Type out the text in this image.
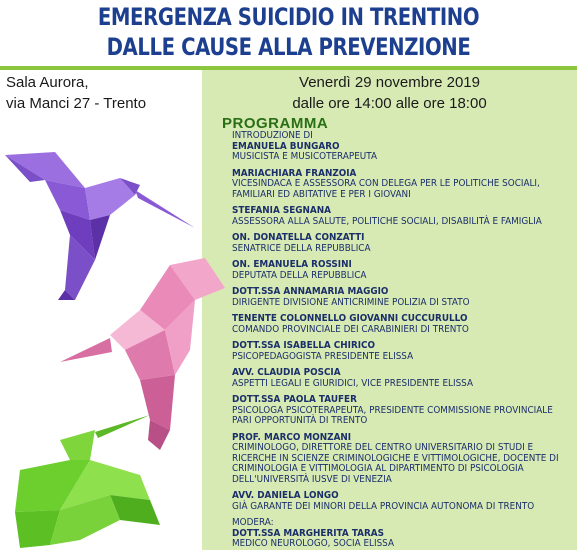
EMERGENZA SUICIDIO IN TRENTINO
DALLE CAUSE ALLA PREVENZIONE
Sala Aurora,
via Manci 27 - Trento
Venerdì 29 novembre 2019
dalle ore 14:00 alle ore 18:00
PROGRAMMA
INTRODUZIONE DI
EMANUELA BUNGARO
MUSICISTA E MUSICOTERAPEUTA
MARIACHIARA FRANZOIA
VICESINDACA E ASSESSORA CON DELEGA PER LE POLITICHE SOCIALI, FAMILIARI ED ABITATIVE E PER I GIOVANI
STEFANIA SEGNANA
ASSESSORA ALLA SALUTE, POLITICHE SOCIALI, DISABILITÀ E FAMIGLIA
ON. DONATELLA CONZATTI
SENATRICE DELLA REPUBBLICA
ON. EMANUELA ROSSINI
DEPUTATA DELLA REPUBBLICA
DOTT.SSA ANNAMARIA MAGGIO
DIRIGENTE DIVISIONE ANTICRIMINE POLIZIA DI STATO
TENENTE COLONNELLO GIOVANNI CUCCURULLO
COMANDO PROVINCIALE DEI CARABINIERI DI TRENTO
DOTT.SSA ISABELLA CHIRICO
PSICOPEDAGOGISTA PRESIDENTE ELISSA
AVV. CLAUDIA POSCIA
ASPETTI LEGALI E GIURIDICI, VICE PRESIDENTE ELISSA
DOTT.SSA PAOLA TAUFER
PSICOLOGA PSICOTERAPEUTA, PRESIDENTE COMMISSIONE PROVINCIALE PARI OPPORTUNITÀ DI TRENTO
PROF. MARCO MONZANI
CRIMINOLOGO, DIRETTORE DEL CENTRO UNIVERSITARIO DI STUDI E RICERCHE IN SCIENZE CRIMINOLOGICHE E VITTIMOLOGICHE, DOCENTE DI CRIMINOLOGIA E VITTIMOLOGIA AL DIPARTIMENTO DI PSICOLOGIA DELL'UNIVERSITÀ IUSVE DI VENEZIA
AVV. DANIELA LONGO
GIÀ GARANTE DEI MINORI DELLA PROVINCIA AUTONOMA DI TRENTO
MODERA:
DOTT.SSA MARGHERITA TARAS
MEDICO NEUROLOGO, SOCIA ELISSA
